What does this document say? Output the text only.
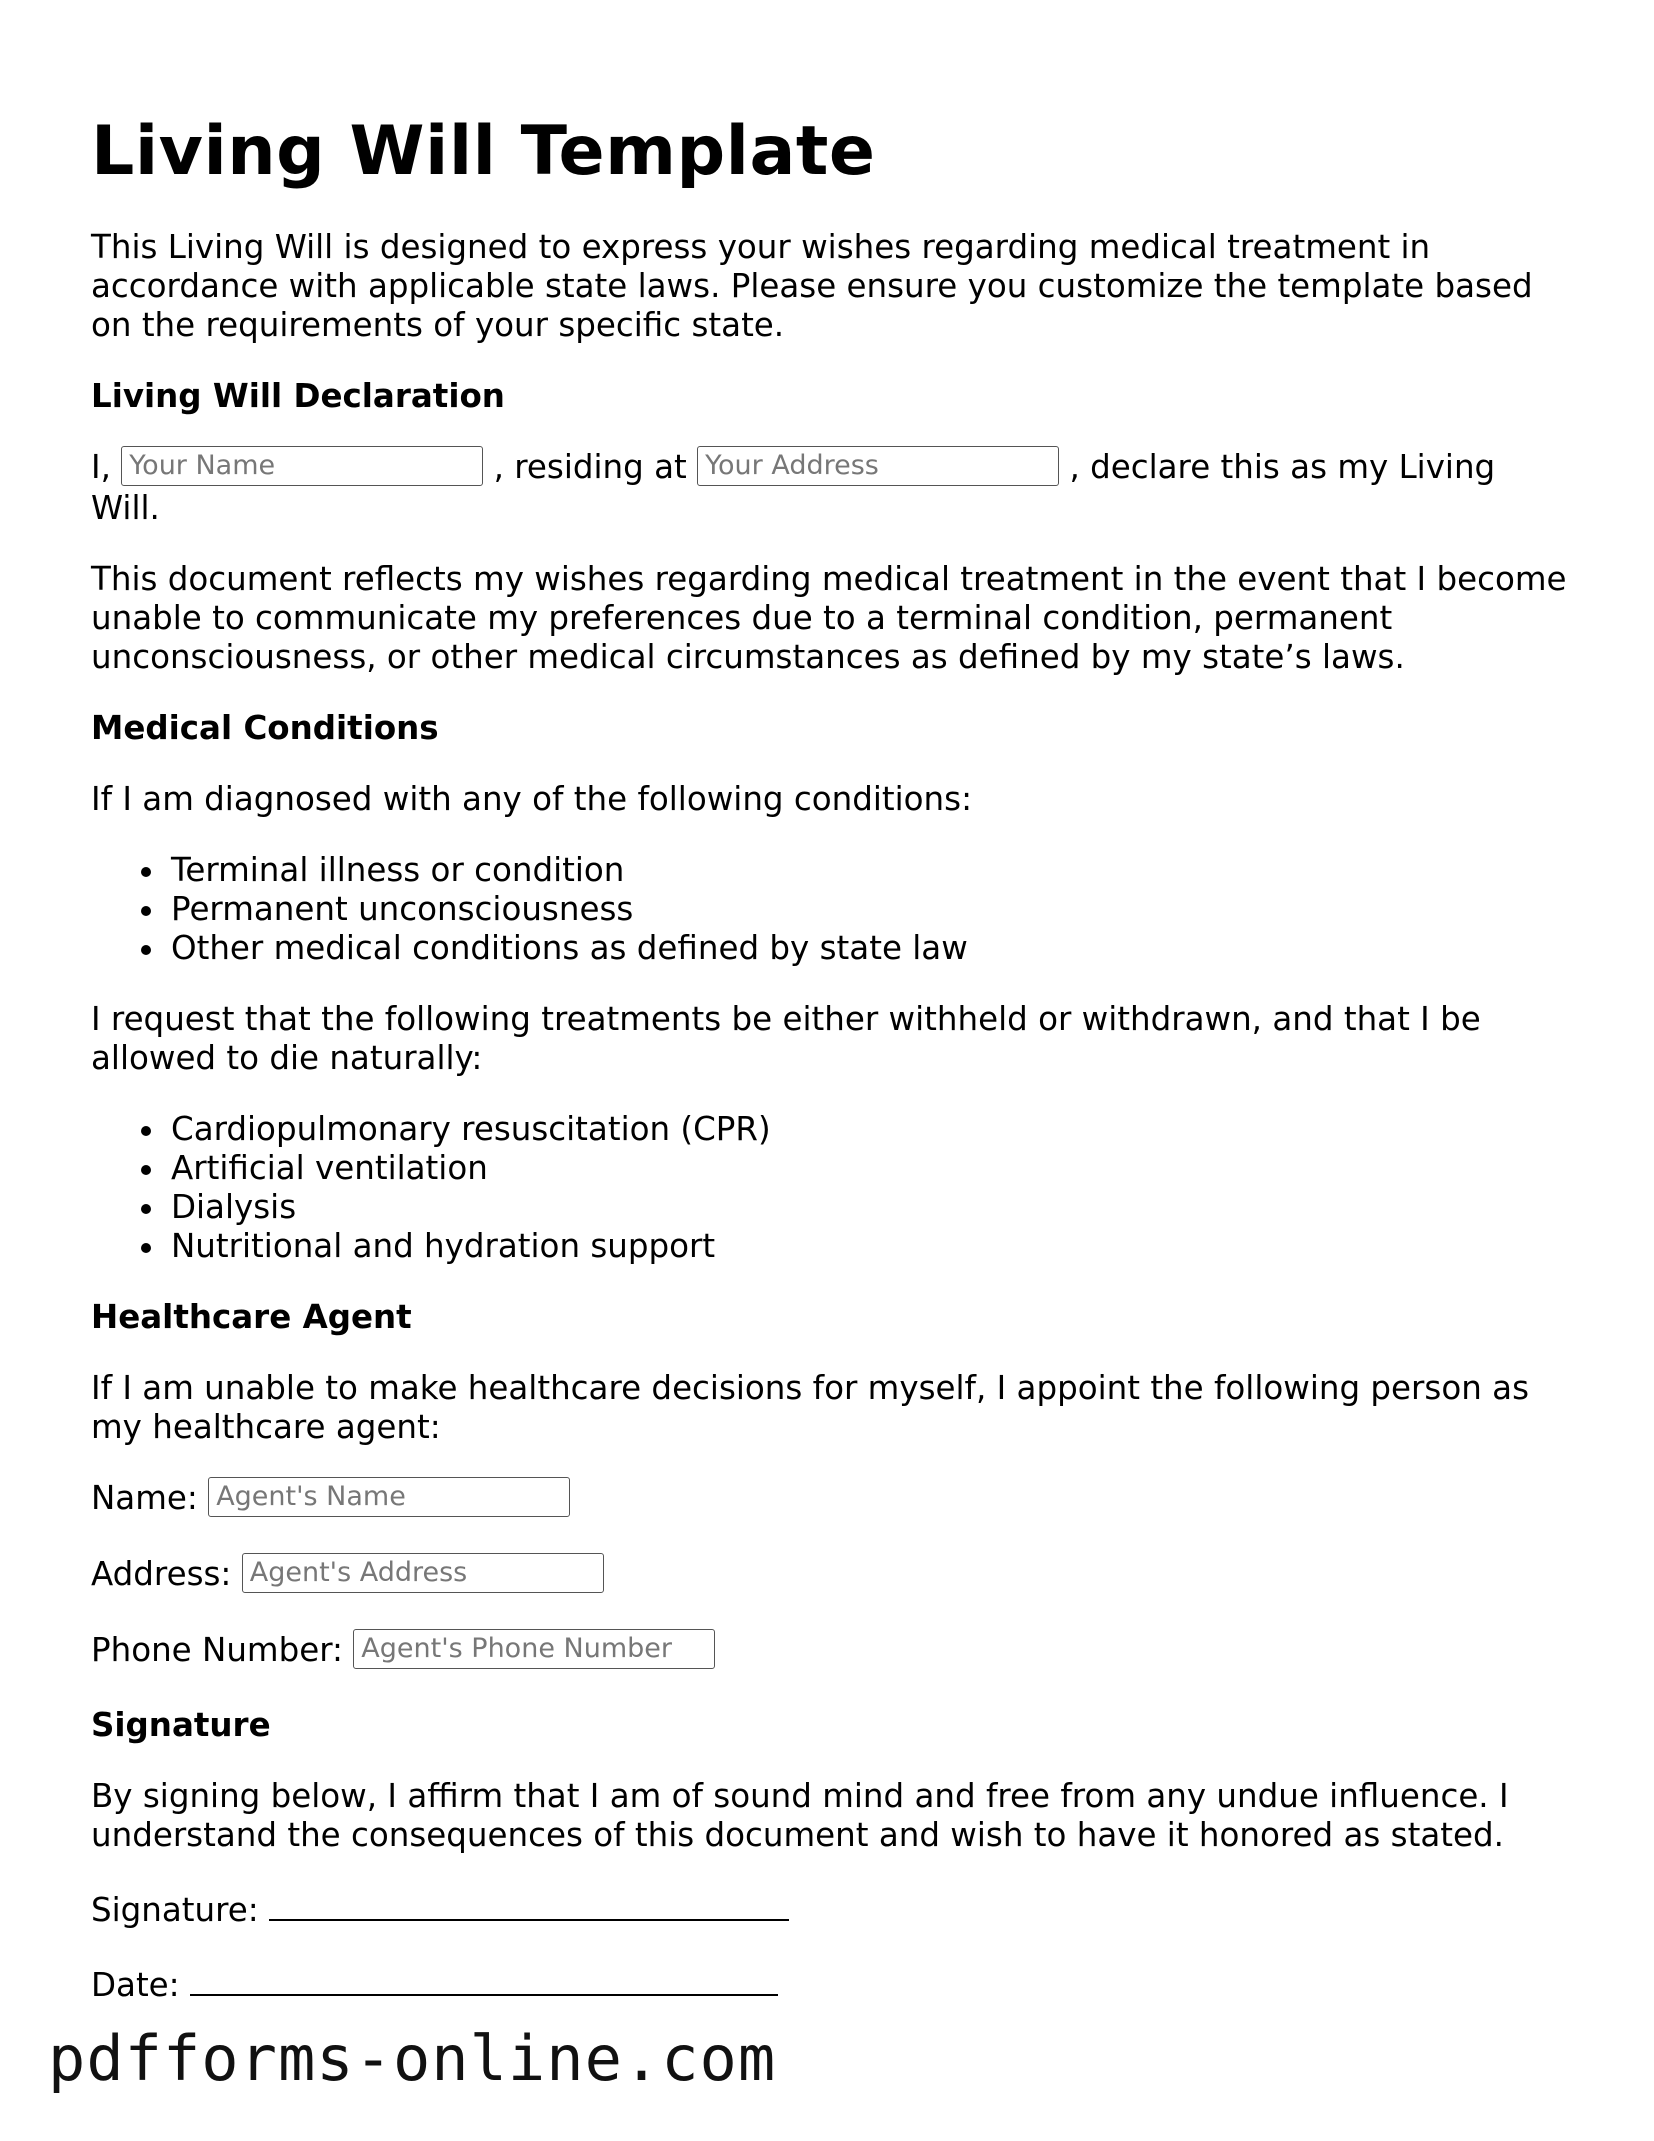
Living Will Template

This Living Will is designed to express your wishes regarding medical treatment in accordance with applicable state laws. Please ensure you customize the template based on the requirements of your specific state.

Living Will Declaration

I, Your Name	, residing at Your Address	, declare this as my Living Will.

This document reflects my wishes regarding medical treatment in the event that I become unable to communicate my preferences due to a terminal condition, permanent unconsciousness, or other medical circumstances as defined by my state’s laws.

Medical Conditions

If I am diagnosed with any of the following conditions:

Terminal illness or condition
Permanent unconsciousness
Other medical conditions as defined by state law

I request that the following treatments be either withheld or withdrawn, and that I be allowed to die naturally:

Cardiopulmonary resuscitation (CPR)
Artificial ventilation
Dialysis
Nutritional and hydration support
Healthcare Agent

If I am unable to make healthcare decisions for myself, I appoint the following person as my healthcare agent:

Name: Agent's Name

Address: Agent's Address

Phone Number: Agent's Phone Number

Signature

By signing below, I affirm that I am of sound mind and free from any undue influence. I understand the consequences of this document and wish to have it honored as stated.

Signature:

Date:

pdfforms-online.com
